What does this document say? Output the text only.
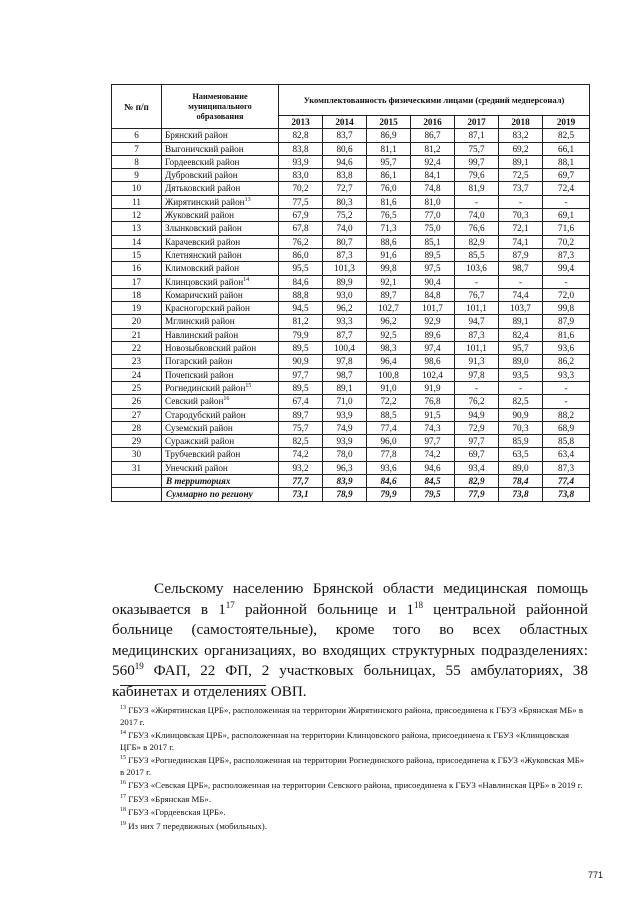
№ п/п	Наименование муниципального образования	Укомплектованность физическими лицами (средний медперсонал)						
		2013	2014	2015	2016	2017	2018	2019
6	Брянский район	82,8	83,7	86,9	86,7	87,1	83,2	82,5
7	Выгоничский район	83,8	80,6	81,1	81,2	75,7	69,2	66,1
8	Гордеевский район	93,9	94,6	95,7	92,4	99,7	89,1	88,1
9	Дубровский район	83,0	83,8	86,1	84,1	79,6	72,5	69,7
10	Дятьковский район	70,2	72,7	76,0	74,8	81,9	73,7	72,4
11	Жирятинский район$^{13}$	77,5	80,3	81,6	81,0	-	-	-
12	Жуковский район	67,9	75,2	76,5	77,0	74,0	70,3	69,1
13	Злынковский район	67,8	74,0	71,3	75,0	76,6	72,1	71,6
14	Карачевский район	76,2	80,7	88,6	85,1	82,9	74,1	70,2
15	Клетнянский район	86,0	87,3	91,6	89,5	85,5	87,9	87,3
16	Климовский район	95,5	101,3	99,8	97,5	103,6	98,7	99,4
17	Клинцовский район$^{14}$	84,6	89,9	92,1	90,4	-	-	-
18	Комаричский район	88,8	93,0	89,7	84,8	76,7	74,4	72,0
19	Красногорский район	94,5	96,2	102,7	101,7	101,1	103,7	99,8
20	Мглинский район	81,2	93,3	96,2	92,9	94,7	89,1	87,9
21	Навлинский район	79,9	87,7	92,5	89,6	87,3	82,4	81,6
22	Новозыбковский район	89,5	100,4	98,3	97,4	101,1	95,7	93,6
23	Погарский район	90,9	97,8	96,4	98,6	91,3	89,0	86,2
24	Почепский район	97,7	98,7	100,8	102,4	97,8	93,5	93,3
25	Рогнединский район$^{15}$	89,5	89,1	91,0	91,9	-	-	-
26	Севский район$^{16}$	67,4	71,0	72,2	76,8	76,2	82,5	-
27	Стародубский район	89,7	93,9	88,5	91,5	94,9	90,9	88,2
28	Суземский район	75,7	74,9	77,4	74,3	72,9	70,3	68,9
29	Суражский район	82,5	93,9	96,0	97,7	97,7	85,9	85,8
30	Трубчевский район	74,2	78,0	77,8	74,2	69,7	63,5	63,4
31	Унечский район	93,2	96,3	93,6	94,6	93,4	89,0	87,3
	В территориях	77,7	83,9	84,6	84,5	82,9	78,4	77,4
	Суммарно по региону	73,1	78,9	79,9	79,5	77,9	73,8	73,8

Сельскому населению Брянской области медицинская помощь оказывается в $1^{17}$ районной больнице и $1^{18}$ центральной районной больнице (самостоятельные), кроме того во всех областных медицинских организациях, во входящих структурных подразделениях: $560^{19}$ ФАП, 22 ФП, 2 участковых больницах, 55 амбулаториях, 38 кабинетах и отделениях ОВП.

$^{13}$ ГБУЗ «Жирятинская ЦРБ», расположенная на территории Жирятинского района, присоединена к ГБУЗ «Брянская МБ» в 2017 г.
$^{14}$ ГБУЗ «Клинцовская ЦРБ», расположенная на территории Клинцовского района, присоединена к ГБУЗ «Клинцовская ЦГБ» в 2017 г.
$^{15}$ ГБУЗ «Рогнединская ЦРБ», расположенная на территории Рогнединского района, присоединена к ГБУЗ «Жуковская МБ» в 2017 г.
$^{16}$ ГБУЗ «Севская ЦРБ», расположенная на территории Севского района, присоединена к ГБУЗ «Навлинская ЦРБ» в 2019 г.
$^{17}$ ГБУЗ «Брянская МБ».
$^{18}$ ГБУЗ «Гордеевская ЦРБ».
$^{19}$ Из них 7 передвижных (мобильных).
771
